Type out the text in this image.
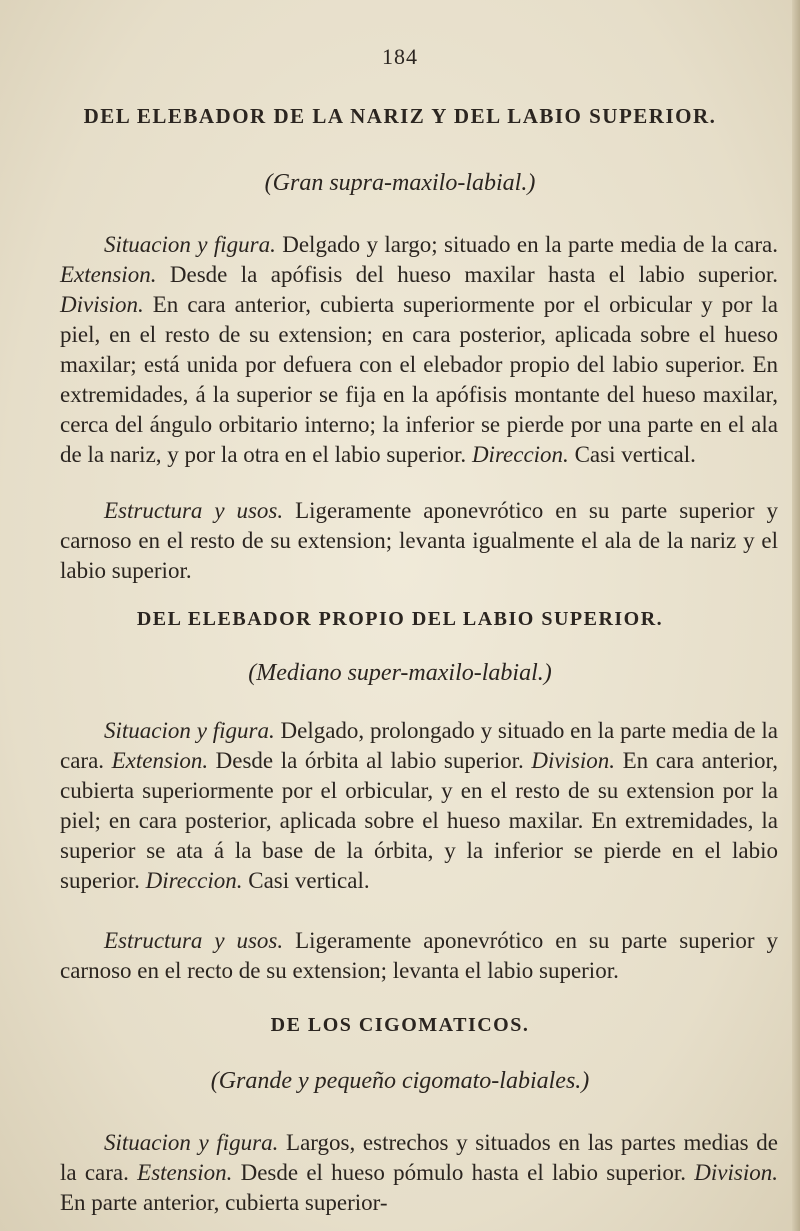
184
DEL ELEBADOR DE LA NARIZ Y DEL LABIO SUPERIOR.
(Gran supra-maxilo-labial.)

Situacion y figura. Delgado y largo; situado en la parte media de la cara. Extension. Desde la apófisis del hueso maxilar hasta el labio superior. Division. En cara anterior, cubierta superiormente por el orbicular y por la piel, en el resto de su extension; en cara posterior, aplicada sobre el hueso maxilar; está unida por defuera con el elebador propio del labio superior. En extremidades, á la superior se fija en la apófisis montante del hueso maxilar, cerca del ángulo orbitario interno; la inferior se pierde por una parte en el ala de la nariz, y por la otra en el labio superior. Direccion. Casi vertical.

Estructura y usos. Ligeramente aponevrótico en su parte superior y carnoso en el resto de su extension; levanta igualmente el ala de la nariz y el labio superior.

DEL ELEBADOR PROPIO DEL LABIO SUPERIOR.
(Mediano super-maxilo-labial.)

Situacion y figura. Delgado, prolongado y situado en la parte media de la cara. Extension. Desde la órbita al labio superior. Division. En cara anterior, cubierta superiormente por el orbicular, y en el resto de su extension por la piel; en cara posterior, aplicada sobre el hueso maxilar. En extremidades, la superior se ata á la base de la órbita, y la inferior se pierde en el labio superior. Direccion. Casi vertical.

Estructura y usos. Ligeramente aponevrótico en su parte superior y carnoso en el recto de su extension; levanta el labio superior.

DE LOS CIGOMATICOS.
(Grande y pequeño cigomato-labiales.)

Situacion y figura. Largos, estrechos y situados en las partes medias de la cara. Estension. Desde el hueso pómulo hasta el labio superior. Division. En parte anterior, cubierta superior-
